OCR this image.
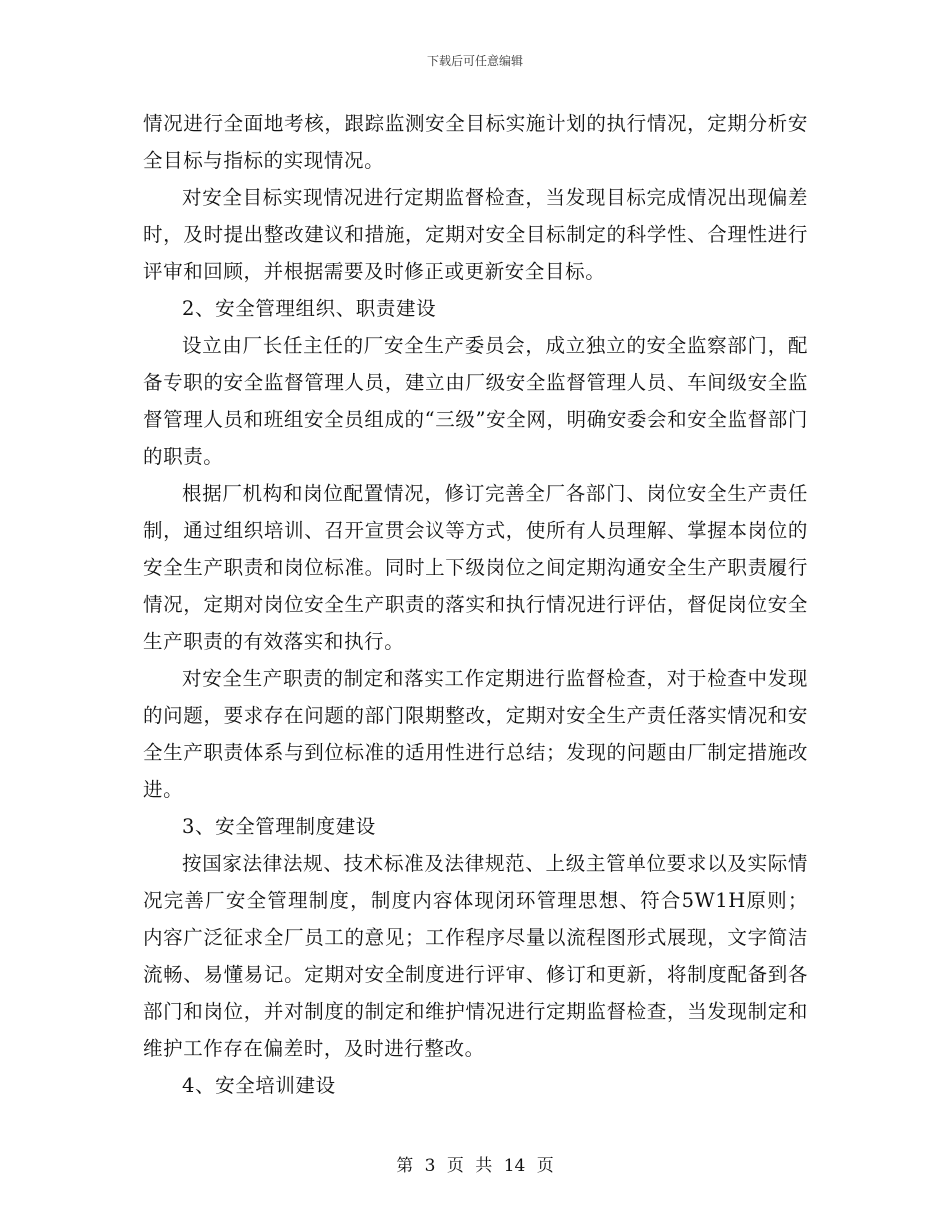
下载后可任意编辑

情况进行全面地考核，跟踪监测安全目标实施计划的执行情况，定期分析安全目标与指标的实现情况。

对安全目标实现情况进行定期监督检查，当发现目标完成情况出现偏差时，及时提出整改建议和措施，定期对安全目标制定的科学性、合理性进行评审和回顾，并根据需要及时修正或更新安全目标。

2、安全管理组织、职责建设

设立由厂长任主任的厂安全生产委员会，成立独立的安全监察部门，配备专职的安全监督管理人员，建立由厂级安全监督管理人员、车间级安全监督管理人员和班组安全员组成的“三级”安全网，明确安委会和安全监督部门的职责。

根据厂机构和岗位配置情况，修订完善全厂各部门、岗位安全生产责任制，通过组织培训、召开宣贯会议等方式，使所有人员理解、掌握本岗位的安全生产职责和岗位标准。同时上下级岗位之间定期沟通安全生产职责履行情况，定期对岗位安全生产职责的落实和执行情况进行评估，督促岗位安全生产职责的有效落实和执行。

对安全生产职责的制定和落实工作定期进行监督检查，对于检查中发现的问题，要求存在问题的部门限期整改，定期对安全生产责任落实情况和安全生产职责体系与到位标准的适用性进行总结；发现的问题由厂制定措施改进。

3、安全管理制度建设

按国家法律法规、技术标准及法律规范、上级主管单位要求以及实际情况完善厂安全管理制度，制度内容体现闭环管理思想、符合5W1H原则；内容广泛征求全厂员工的意见；工作程序尽量以流程图形式展现，文字简洁流畅、易懂易记。定期对安全制度进行评审、修订和更新，将制度配备到各部门和岗位，并对制度的制定和维护情况进行定期监督检查，当发现制定和维护工作存在偏差时，及时进行整改。

4、安全培训建设

第 3 页 共 14 页
